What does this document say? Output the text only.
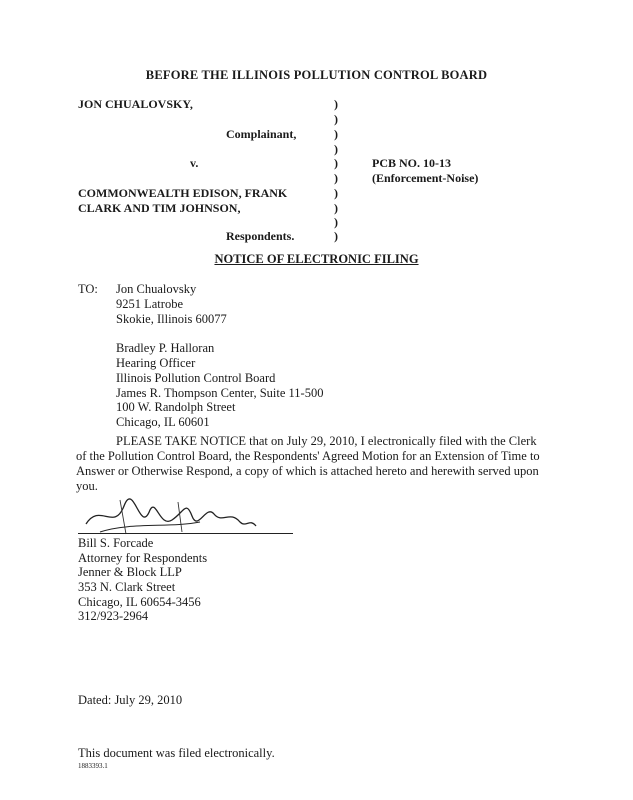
BEFORE THE ILLINOIS POLLUTION CONTROL BOARD
JON CHUALOVSKY,
Complainant,
v.	PCB NO. 10-13
(Enforcement-Noise)
COMMONWEALTH EDISON, FRANK
CLARK AND TIM JOHNSON,
Respondents.
)
)
)
)
)
)
)
)
)
)
NOTICE OF ELECTRONIC FILING
TO: Jon Chualovsky
9251 Latrobe
Skokie, Illinois 60077
Bradley P. Halloran
Hearing Officer
Illinois Pollution Control Board
James R. Thompson Center, Suite 11-500
100 W. Randolph Street
Chicago, IL 60601
PLEASE TAKE NOTICE that on July 29, 2010, I electronically filed with the Clerk of the Pollution Control Board, the Respondents' Agreed Motion for an Extension of Time to Answer or Otherwise Respond, a copy of which is attached hereto and herewith served upon you.
Bill S. Forcade
Attorney for Respondents
Jenner & Block LLP
353 N. Clark Street
Chicago, IL 60654-3456
312/923-2964
Dated: July 29, 2010
This document was filed electronically.
1883393.1
